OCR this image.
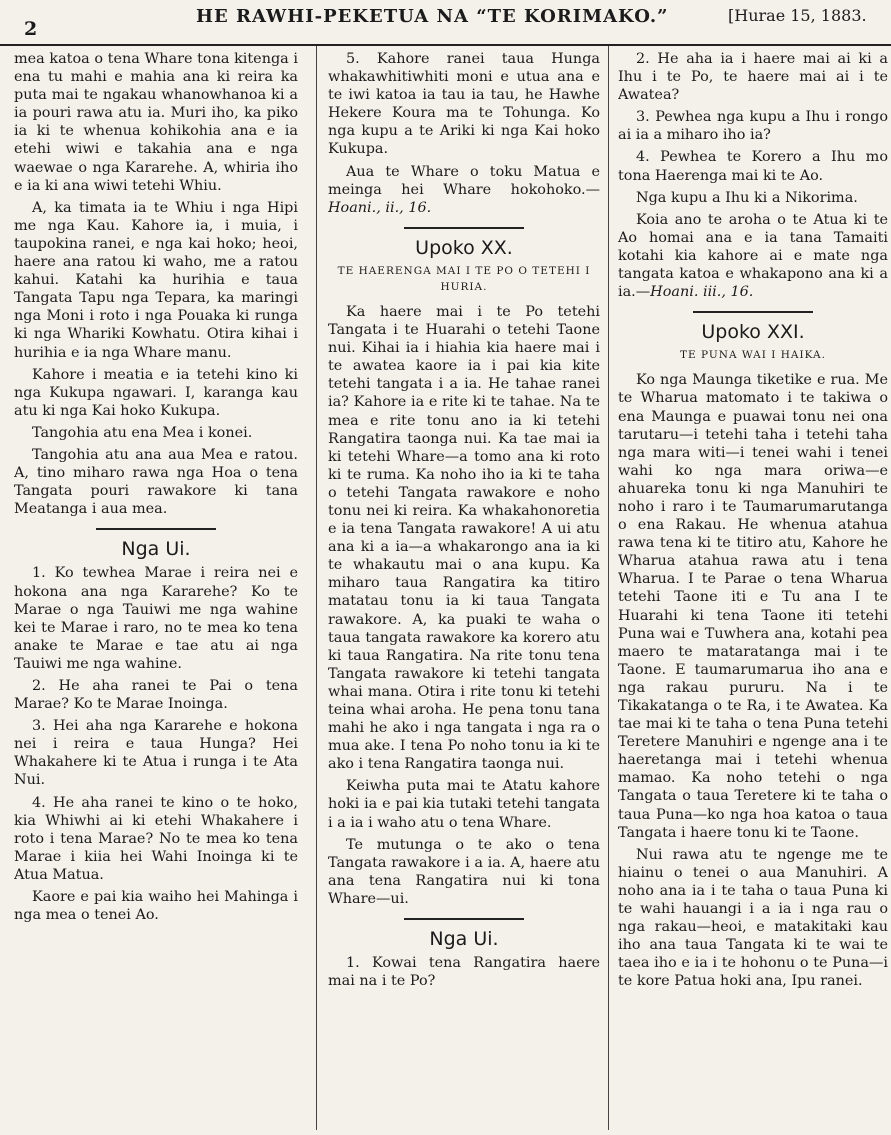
2
HE RAWHI-PEKETUA NA “TE KORIMAKO.”	[Hurae 15, 1883.

mea katoa o tena Whare tona kitenga i ena tu mahi e mahia ana ki reira ka puta mai te ngakau whanowhanoa ki a ia pouri rawa atu ia. Muri iho, ka piko ia ki te whenua kohikohia ana e ia etehi wiwi e takahia ana e nga waewae o nga Kararehe. A, whiria iho e ia ki ana wiwi tetehi Whiu.

A, ka timata ia te Whiu i nga Hipi me nga Kau. Kahore ia, i muia, i taupokina ranei, e nga kai hoko; heoi, haere ana ratou ki waho, me a ratou kahui. Katahi ka hurihia e taua Tangata Tapu nga Tepara, ka maringi nga Moni i roto i nga Pouaka ki runga ki nga Whariki Kowhatu. Otira kihai i hurihia e ia nga Whare manu.

Kahore i meatia e ia tetehi kino ki nga Kukupa ngawari. I, karanga kau atu ki nga Kai hoko Kukupa.

Tangohia atu ena Mea i konei.

Tangohia atu ana aua Mea e ratou. A, tino miharo rawa nga Hoa o tena Tangata pouri rawakore ki tana Meatanga i aua mea.

Nga Ui.

1. Ko tewhea Marae i reira nei e hokona ana nga Kararehe? Ko te Marae o nga Tauiwi me nga wahine kei te Marae i raro, no te mea ko tena anake te Marae e tae atu ai nga Tauiwi me nga wahine.

2. He aha ranei te Pai o tena Marae? Ko te Marae Inoinga.

3. Hei aha nga Kararehe e hokona nei i reira e taua Hunga? Hei Whakahere ki te Atua i runga i te Ata Nui.

4. He aha ranei te kino o te hoko, kia Whiwhi ai ki etehi Whakahere i roto i tena Marae? No te mea ko tena Marae i kiia hei Wahi Inoinga ki te Atua Matua.

Kaore e pai kia waiho hei Mahinga i nga mea o tenei Ao.

5. Kahore ranei taua Hunga whakawhitiwhiti moni e utua ana e te iwi katoa ia tau ia tau, he Hawhe Hekere Koura ma te Tohunga. Ko nga kupu a te Ariki ki nga Kai hoko Kukupa.

Aua te Whare o toku Matua e meinga hei Whare hokohoko.—Hoani., ii., 16.

Upoko XX.

TE HAERENGA MAI I TE PO O TETEHI I HURIA.

Ka haere mai i te Po tetehi Tangata i te Huarahi o tetehi Taone nui. Kihai ia i hiahia kia haere mai i te awatea kaore ia i pai kia kite tetehi tangata i a ia. He tahae ranei ia? Kahore ia e rite ki te tahae. Na te mea e rite tonu ano ia ki tetehi Rangatira taonga nui. Ka tae mai ia ki tetehi Whare—a tomo ana ki roto ki te ruma. Ka noho iho ia ki te taha o tetehi Tangata rawakore e noho tonu nei ki reira. Ka whakahonoretia e ia tena Tangata rawakore! A ui atu ana ki a ia—a whakarongo ana ia ki te whakautu mai o ana kupu. Ka miharo taua Rangatira ka titiro matatau tonu ia ki taua Tangata rawakore. A, ka puaki te waha o taua tangata rawakore ka korero atu ki taua Rangatira. Na rite tonu tena Tangata rawakore ki tetehi tangata whai mana. Otira i rite tonu ki tetehi teina whai aroha. He pena tonu tana mahi he ako i nga tangata i nga ra o mua ake. I tena Po noho tonu ia ki te ako i tena Rangatira taonga nui.

Keiwha puta mai te Atatu kahore hoki ia e pai kia tutaki tetehi tangata i a ia i waho atu o tena Whare.

Te mutunga o te ako o tena Tangata rawakore i a ia. A, haere atu ana tena Rangatira nui ki tona Whare—ui.

Nga Ui.

1. Kowai tena Rangatira haere mai na i te Po?

2. He aha ia i haere mai ai ki a Ihu i te Po, te haere mai ai i te Awatea?

3. Pewhea nga kupu a Ihu i rongo ai ia a miharo iho ia?

4. Pewhea te Korero a Ihu mo tona Haerenga mai ki te Ao.

Nga kupu a Ihu ki a Nikorima.

Koia ano te aroha o te Atua ki te Ao homai ana e ia tana Tamaiti kotahi kia kahore ai e mate nga tangata katoa e whakapono ana ki a ia.—Hoani. iii., 16.

Upoko XXI.

TE PUNA WAI I HAIKA.

Ko nga Maunga tiketike e rua. Me te Wharua matomato i te takiwa o ena Maunga e puawai tonu nei ona tarutaru—i tetehi taha i tetehi taha nga mara witi—i tenei wahi i tenei wahi ko nga mara oriwa—e ahuareka tonu ki nga Manuhiri te noho i raro i te Taumarumarutanga o ena Rakau. He whenua atahua rawa tena ki te titiro atu, Kahore he Wharua atahua rawa atu i tena Wharua. I te Parae o tena Wharua tetehi Taone iti e Tu ana I te Huarahi ki tena Taone iti tetehi Puna wai e Tuwhera ana, kotahi pea maero te mataratanga mai i te Taone. E taumarumarua iho ana e nga rakau pururu. Na i te Tikakatanga o te Ra, i te Awatea. Ka tae mai ki te taha o tena Puna tetehi Teretere Manuhiri e ngenge ana i te haeretanga mai i tetehi whenua mamao. Ka noho tetehi o nga Tangata o taua Teretere ki te taha o taua Puna—ko nga hoa katoa o taua Tangata i haere tonu ki te Taone.

Nui rawa atu te ngenge me te hiainu o tenei o aua Manuhiri. A noho ana ia i te taha o taua Puna ki te wahi hauangi i a ia i nga rau o nga rakau—heoi, e matakitaki kau iho ana taua Tangata ki te wai te taea iho e ia i te hohonu o te Puna—i te kore Patua hoki ana, Ipu ranei.
